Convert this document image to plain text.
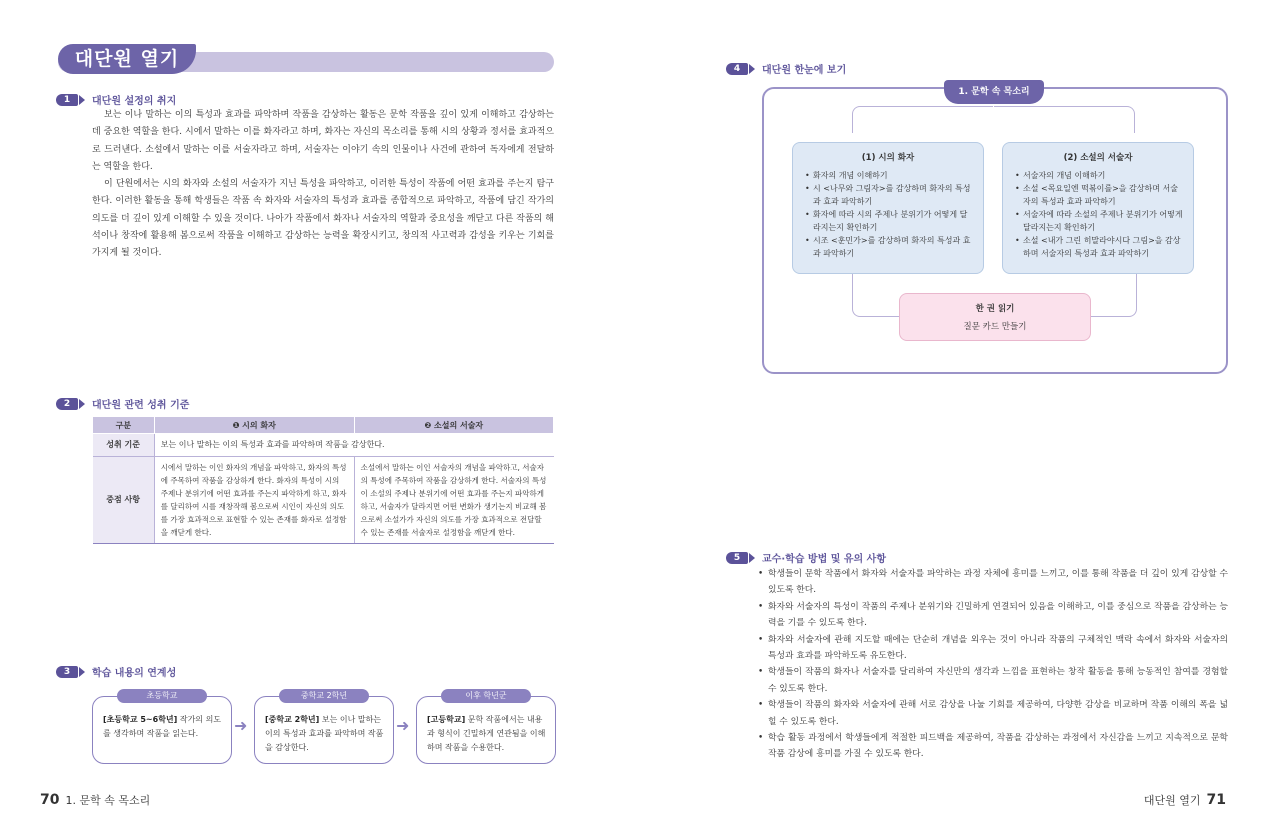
대단원 열기
1	대단원 설정의 취지

보는 이나 말하는 이의 특성과 효과를 파악하며 작품을 감상하는 활동은 문학 작품을 깊이 있게 이해하고 감상하는 데 중요한 역할을 한다. 시에서 말하는 이를 화자라고 하며, 화자는 자신의 목소리를 통해 시의 상황과 정서를 효과적으로 드러낸다. 소설에서 말하는 이를 서술자라고 하며, 서술자는 이야기 속의 인물이나 사건에 관하여 독자에게 전달하는 역할을 한다.

이 단원에서는 시의 화자와 소설의 서술자가 지닌 특성을 파악하고, 이러한 특성이 작품에 어떤 효과를 주는지 탐구한다. 이러한 활동을 통해 학생들은 작품 속 화자와 서술자의 특성과 효과를 종합적으로 파악하고, 작품에 담긴 작가의 의도를 더 깊이 있게 이해할 수 있을 것이다. 나아가 작품에서 화자나 서술자의 역할과 중요성을 깨닫고 다른 작품의 해석이나 창작에 활용해 봄으로써 작품을 이해하고 감상하는 능력을 확장시키고, 창의적 사고력과 감성을 키우는 기회를 가지게 될 것이다.

2	대단원 관련 성취 기준
구분	❶ 시의 화자	❷ 소설의 서술자
성취 기준	보는 이나 말하는 이의 특성과 효과를 파악하며 작품을 감상한다.	
중점 사항	시에서 말하는 이인 화자의 개념을 파악하고, 화자의 특성에 주목하여 작품을 감상하게 한다. 화자의 특성이 시의 주제나 분위기에 어떤 효과를 주는지 파악하게 하고, 화자를 달리하여 시를 재창작해 봄으로써 시인이 자신의 의도를 가장 효과적으로 표현할 수 있는 존재를 화자로 설정함을 깨닫게 한다.	소설에서 말하는 이인 서술자의 개념을 파악하고, 서술자의 특성에 주목하여 작품을 감상하게 한다. 서술자의 특성이 소설의 주제나 분위기에 어떤 효과를 주는지 파악하게 하고, 서술자가 달라지면 어떤 변화가 생기는지 비교해 봄으로써 소설가가 자신의 의도를 가장 효과적으로 전달할 수 있는 존재를 서술자로 설정함을 깨닫게 한다.
3	학습 내용의 연계성
초등학교
[초등학교 5~6학년] 작가의 의도를 생각하며 작품을 읽는다.	➜
중학교 2학년
[중학교 2학년] 보는 이나 말하는 이의 특성과 효과를 파악하며 작품을 감상한다.
➜
이후 학년군
[고등학교] 문학 작품에서는 내용과 형식이 긴밀하게 연관됨을 이해하며 작품을 수용한다.
70 1. 문학 속 목소리
4	대단원 한눈에 보기
1. 문학 속 목소리
(1) 시의 화자
• 화자의 개념 이해하기
• 시 <나무와 그림자>를 감상하며 화자의 특성과 효과 파악하기
• 화자에 따라 시의 주제나 분위기가 어떻게 달라지는지 확인하기
• 시조 <훈민가>를 감상하며 화자의 특성과 효과 파악하기
(2) 소설의 서술자
• 서술자의 개념 이해하기
• 소설 <목요일엔 떡볶이를>을 감상하며 서술자의 특성과 효과 파악하기
• 서술자에 따라 소설의 주제나 분위기가 어떻게 달라지는지 확인하기
• 소설 <내가 그린 히말라야시다 그림>을 감상하며 서술자의 특성과 효과 파악하기
한 권 읽기
질문 카드 만들기
5	교수·학습 방법 및 유의 사항
• 학생들이 문학 작품에서 화자와 서술자를 파악하는 과정 자체에 흥미를 느끼고, 이를 통해 작품을 더 깊이 있게 감상할 수 있도록 한다.
• 화자와 서술자의 특성이 작품의 주제나 분위기와 긴밀하게 연결되어 있음을 이해하고, 이를 중심으로 작품을 감상하는 능력을 기를 수 있도록 한다.
• 화자와 서술자에 관해 지도할 때에는 단순히 개념을 외우는 것이 아니라 작품의 구체적인 맥락 속에서 화자와 서술자의 특성과 효과를 파악하도록 유도한다.
• 학생들이 작품의 화자나 서술자를 달리하여 자신만의 생각과 느낌을 표현하는 창작 활동을 통해 능동적인 참여를 경험할 수 있도록 한다.
• 학생들이 작품의 화자와 서술자에 관해 서로 감상을 나눌 기회를 제공하여, 다양한 감상을 비교하며 작품 이해의 폭을 넓힐 수 있도록 한다.
• 학습 활동 과정에서 학생들에게 적절한 피드백을 제공하여, 작품을 감상하는 과정에서 자신감을 느끼고 지속적으로 문학 작품 감상에 흥미를 가질 수 있도록 한다.
대단원 열기 71
